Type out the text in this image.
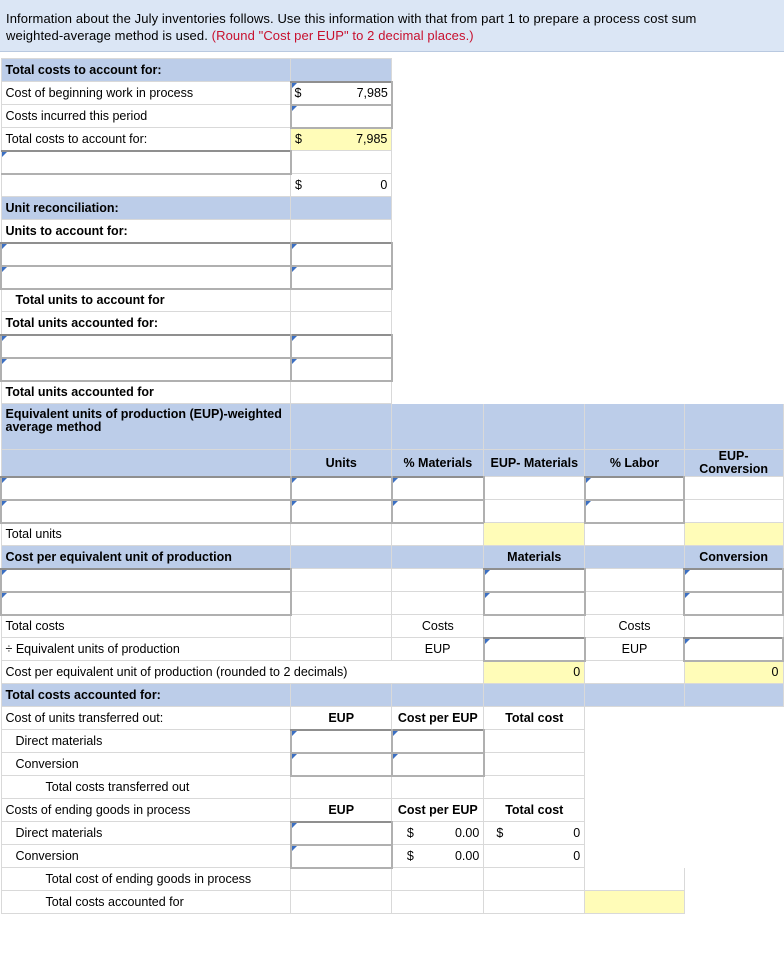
Information about the July inventories follows. Use this information with that from part 1 to prepare a process cost sum
weighted-average method is used. (Round "Cost per EUP" to 2 decimal places.)
Total costs to account for:					
Cost of beginning work in process	$ 7,985				

Costs incurred this period					
Total costs to account for:	$ 7,985				

	$ 0				

Unit reconciliation:					
Units to account for:					

Total units to account for					
Total units accounted for:					

Total units accounted for					
Equivalent units of production (EUP)-weighted average method					
	Units	% Materials	EUP- Materials	% Labor	EUP-Conversion

Total units					
Cost per equivalent unit of production			Materials		Conversion

Total costs		Costs		Costs	
÷ Equivalent units of production		EUP		EUP	
Cost per equivalent unit of production (rounded to 2 decimals)			0		0
Total costs accounted for:					
Cost of units transferred out:	EUP	Cost per EUP	Total cost		
Direct materials					
Conversion					
Total costs transferred out					
Costs of ending goods in process	EUP	Cost per EUP	Total cost		
Direct materials		$ 0.00	$ 0		

Conversion		$ 0.00	0		
Total cost of ending goods in process					
Total costs accounted for					
